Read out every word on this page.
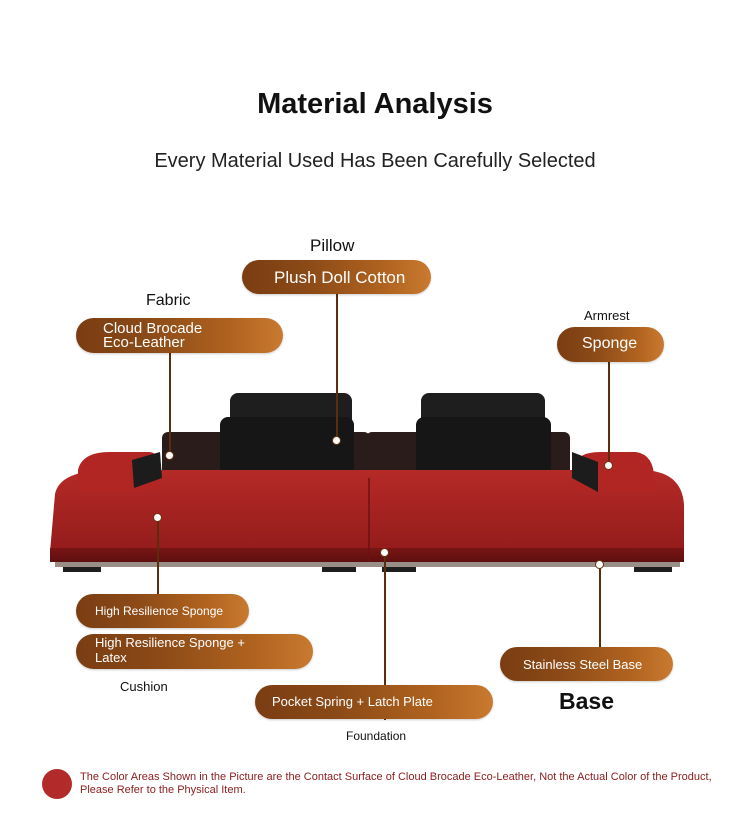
Material Analysis
Every Material Used Has Been Carefully Selected
Pillow
Plush Doll Cotton
Fabric
Cloud Brocade
Eco-Leather
Armrest
Sponge
High Resilience Sponge
High Resilience Sponge +
Latex
Cushion
Pocket Spring + Latch Plate
Foundation
Stainless Steel Base
Base
The Color Areas Shown in the Picture are the Contact Surface of Cloud Brocade Eco-Leather, Not the Actual Color of the Product, Please Refer to the Physical Item.
